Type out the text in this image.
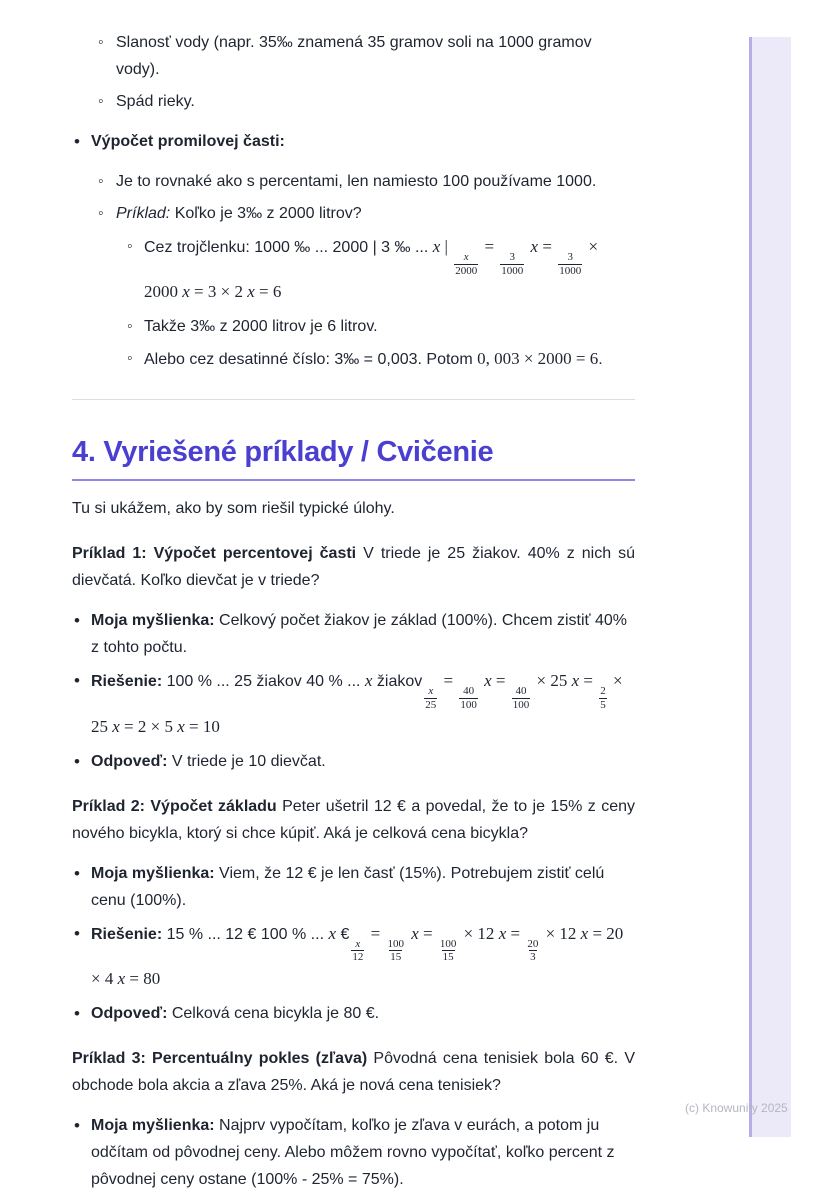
◦ Slanosť vody (napr. 35‰ znamená 35 gramov soli na 1000 gramov vody).
◦ Spád rieky.
• Výpočet promilovej časti:
◦ Je to rovnaké ako s percentami, len namiesto 100 používame 1000.
◦ Príklad: Koľko je 3‰ z 2000 litrov?
◦ Cez trojčlenku: 1000 ‰ ... 2000 | 3 ‰ ... x |
$\frac{x}{2000}$
=
$\frac{3}{1000}$
x =
$\frac{3}{1000}$
× 2000 x = 3 × 2 x = 6
◦ Takže 3‰ z 2000 litrov je 6 litrov.
◦ Alebo cez desatinné číslo: 3‰ = 0,003. Potom 0, 003 × 2000 = 6.
4. Vyriešené príklady / Cvičenie

Tu si ukážem, ako by som riešil typické úlohy.

Príklad 1: Výpočet percentovej časti V triede je 25 žiakov. 40% z nich sú dievčatá. Koľko dievčat je v triede?

• Moja myšlienka: Celkový počet žiakov je základ (100%). Chcem zistiť 40% z tohto počtu.
• Riešenie: 100 % ... 25 žiakov 40 % ... x žiakov
$\frac{x}{25}$
=
$\frac{40}{100}$
x =
$\frac{40}{100}$
× 25 x =
$\frac{2}{5}$
× 25 x = 2 × 5 x = 10
• Odpoveď: V triede je 10 dievčat.

Príklad 2: Výpočet základu Peter ušetril 12 € a povedal, že to je 15% z ceny nového bicykla, ktorý si chce kúpiť. Aká je celková cena bicykla?

• Moja myšlienka: Viem, že 12 € je len časť (15%). Potrebujem zistiť celú cenu (100%).
• Riešenie: 15 % ... 12 € 100 % ... x €
$\frac{x}{12}$
=
$\frac{100}{15}$
x =
$\frac{100}{15}$
× 12 x =
$\frac{20}{3}$
× 12 x = 20 × 4 x = 80
• Odpoveď: Celková cena bicykla je 80 €.

Príklad 3: Percentuálny pokles (zľava) Pôvodná cena tenisiek bola 60 €. V obchode bola akcia a zľava 25%. Aká je nová cena tenisiek?

• Moja myšlienka: Najprv vypočítam, koľko je zľava v eurách, a potom ju odčítam od pôvodnej ceny. Alebo môžem rovno vypočítať, koľko percent z pôvodnej ceny ostane (100% - 25% = 75%).
(c) Knowunity 2025
